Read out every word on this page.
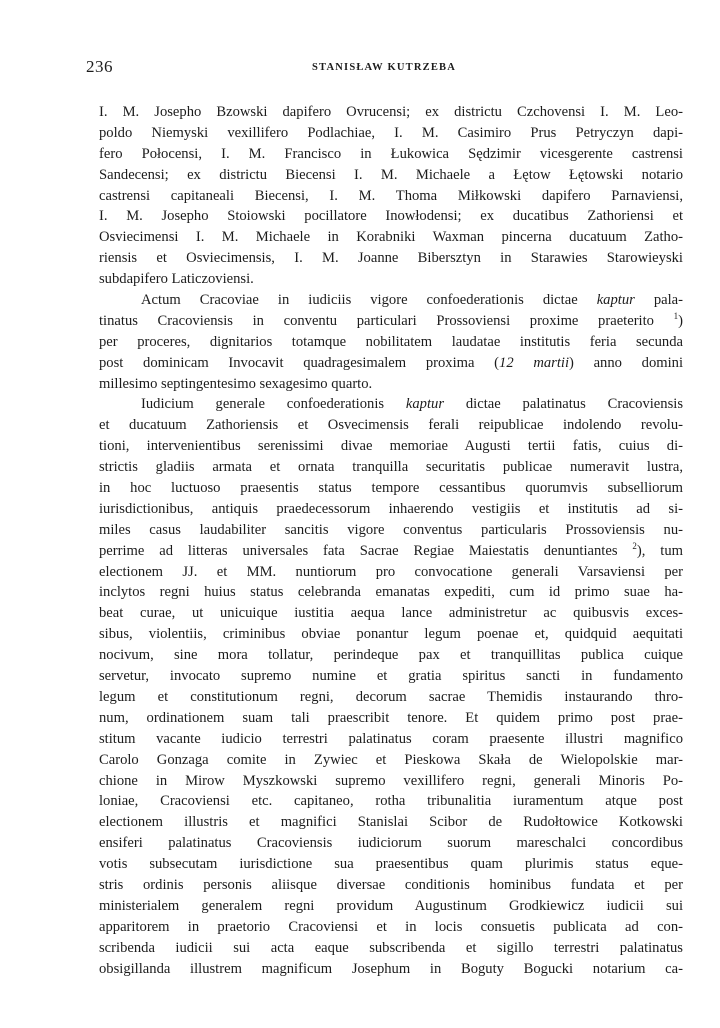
236	STANISŁAW KUTRZEBA
I. M. Josepho Bzowski dapifero Ovrucensi; ex districtu Czchovensi I. M. Leo-
poldo Niemyski vexillifero Podlachiae, I. M. Casimiro Prus Petryczyn dapi-
fero Połocensi, I. M. Francisco in Łukowica Sędzimir vicesgerente castrensi
Sandecensi; ex districtu Biecensi I. M. Michaele a Łętow Łętowski notario
castrensi capitaneali Biecensi, I. M. Thoma Miłkowski dapifero Parnaviensi,
I. M. Josepho Stoiowski pocillatore Inowłodensi; ex ducatibus Zathoriensi et
Osviecimensi I. M. Michaele in Korabniki Waxman pincerna ducatuum Zatho-
riensis et Osviecimensis, I. M. Joanne Bibersztyn in Starawies Starowieyski
subdapifero Laticzoviensi.
Actum Cracoviae in iudiciis vigore confoederationis dictae kaptur pala-
tinatus Cracoviensis in conventu particulari Prossoviensi proxime praeterito $^1$)
per proceres, dignitarios totamque nobilitatem laudatae institutis feria secunda
post dominicam Invocavit quadragesimalem proxima (12 martii) anno domini
millesimo septingentesimo sexagesimo quarto.
Iudicium generale confoederationis kaptur dictae palatinatus Cracoviensis
et ducatuum Zathoriensis et Osvecimensis ferali reipublicae indolendo revolu-
tioni, intervenientibus serenissimi divae memoriae Augusti tertii fatis, cuius di-
strictis gladiis armata et ornata tranquilla securitatis publicae numeravit lustra,
in hoc luctuoso praesentis status tempore cessantibus quorumvis subselliorum
iurisdictionibus, antiquis praedecessorum inhaerendo vestigiis et institutis ad si-
miles casus laudabiliter sancitis vigore conventus particularis Prossoviensis nu-
perrime ad litteras universales fata Sacrae Regiae Maiestatis denuntiantes $^2$), tum
electionem JJ. et MM. nuntiorum pro convocatione generali Varsaviensi per
inclytos regni huius status celebranda emanatas expediti, cum id primo suae ha-
beat curae, ut unicuique iustitia aequa lance administretur ac quibusvis exces-
sibus, violentiis, criminibus obviae ponantur legum poenae et, quidquid aequitati
nocivum, sine mora tollatur, perindeque pax et tranquillitas publica cuique
servetur, invocato supremo numine et gratia spiritus sancti in fundamento
legum et constitutionum regni, decorum sacrae Themidis instaurando thro-
num, ordinationem suam tali praescribit tenore. Et quidem primo post prae-
stitum vacante iudicio terrestri palatinatus coram praesente illustri magnifico
Carolo Gonzaga comite in Zywiec et Pieskowa Skała de Wielopolskie mar-
chione in Mirow Myszkowski supremo vexillifero regni, generali Minoris Po-
loniae, Cracoviensi etc. capitaneo, rotha tribunalitia iuramentum atque post
electionem illustris et magnifici Stanislai Scibor de Rudołtowice Kotkowski
ensiferi palatinatus Cracoviensis iudiciorum suorum mareschalci concordibus
votis subsecutam iurisdictione sua praesentibus quam plurimis status eque-
stris ordinis personis aliisque diversae conditionis hominibus fundata et per
ministerialem generalem regni providum Augustinum Grodkiewicz iudicii sui
apparitorem in praetorio Cracoviensi et in locis consuetis publicata ad con-
scribenda iudicii sui acta eaque subscribenda et sigillo terrestri palatinatus
obsigillanda illustrem magnificum Josephum in Boguty Bogucki notarium ca-
